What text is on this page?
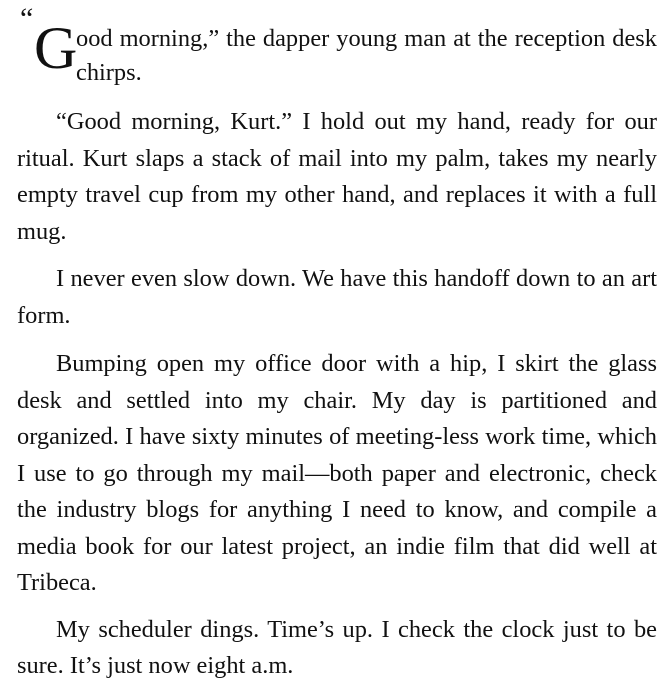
“ G
ood morning,” the dapper young man at the reception desk chirps.

“Good morning, Kurt.” I hold out my hand, ready for our ritual. Kurt slaps a stack of mail into my palm, takes my nearly empty travel cup from my other hand, and replaces it with a full mug.

I never even slow down. We have this handoff down to an art form.

Bumping open my office door with a hip, I skirt the glass desk and settled into my chair. My day is partitioned and organized. I have sixty minutes of meeting-less work time, which I use to go through my mail—both paper and electronic, check the industry blogs for anything I need to know, and compile a media book for our latest project, an indie film that did well at Tribeca.

My scheduler dings. Time’s up. I check the clock just to be sure. It’s just now eight a.m.
